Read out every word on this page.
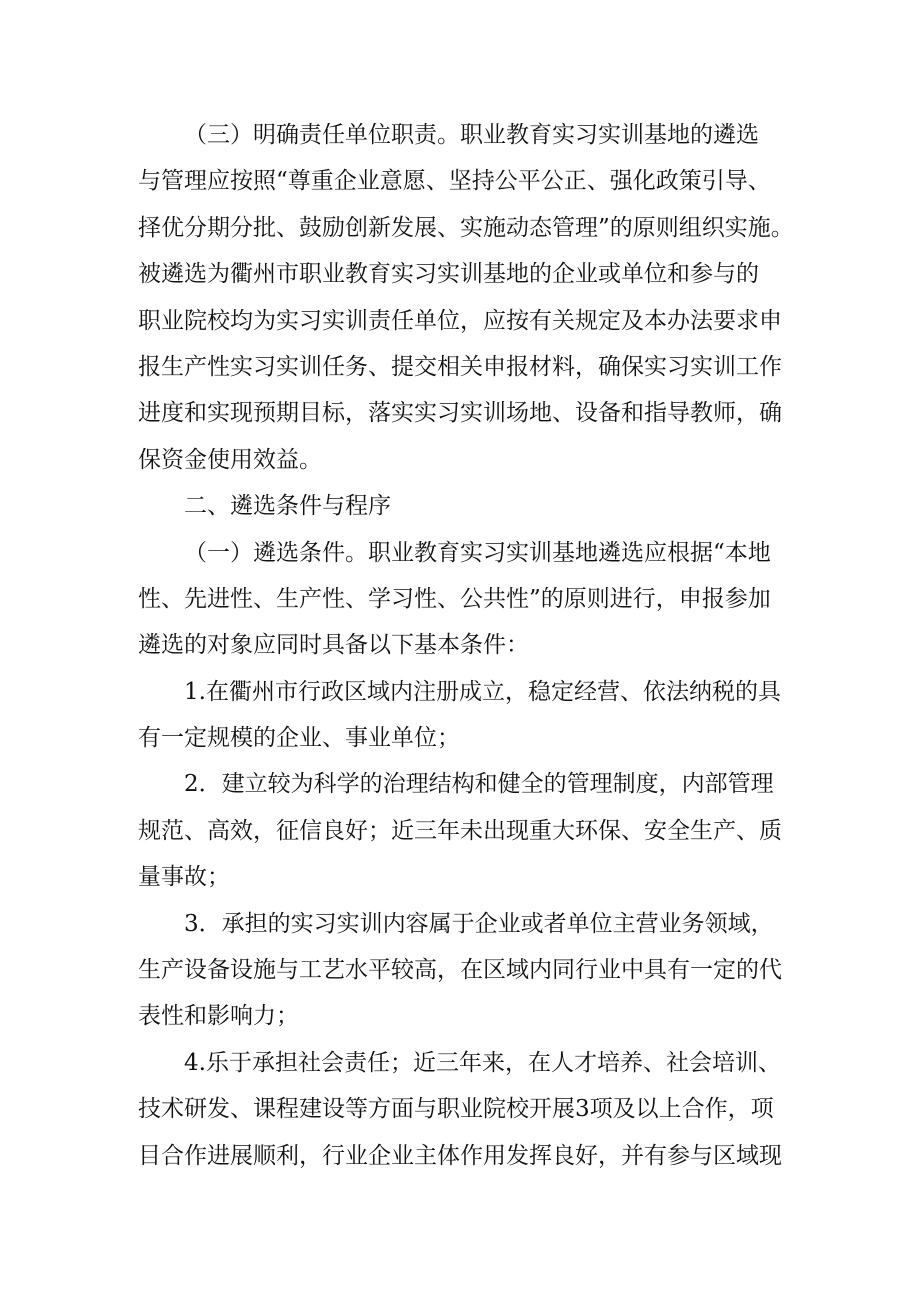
（三）明确责任单位职责。职业教育实习实训基地的遴选
与管理应按照“尊重企业意愿、坚持公平公正、强化政策引导、
择优分期分批、鼓励创新发展、实施动态管理”的原则组织实施。
被遴选为衢州市职业教育实习实训基地的企业或单位和参与的
职业院校均为实习实训责任单位，应按有关规定及本办法要求申
报生产性实习实训任务、提交相关申报材料，确保实习实训工作
进度和实现预期目标，落实实习实训场地、设备和指导教师，确
保资金使用效益。
二、遴选条件与程序
（一）遴选条件。职业教育实习实训基地遴选应根据“本地
性、先进性、生产性、学习性、公共性”的原则进行，申报参加
遴选的对象应同时具备以下基本条件：
1.在衢州市行政区域内注册成立，稳定经营、依法纳税的具
有一定规模的企业、事业单位；
2．建立较为科学的治理结构和健全的管理制度，内部管理
规范、高效，征信良好；近三年未出现重大环保、安全生产、质
量事故；
3．承担的实习实训内容属于企业或者单位主营业务领域，
生产设备设施与工艺水平较高，在区域内同行业中具有一定的代
表性和影响力；
4.乐于承担社会责任；近三年来，在人才培养、社会培训、
技术研发、课程建设等方面与职业院校开展3项及以上合作，项
目合作进展顺利，行业企业主体作用发挥良好，并有参与区域现
